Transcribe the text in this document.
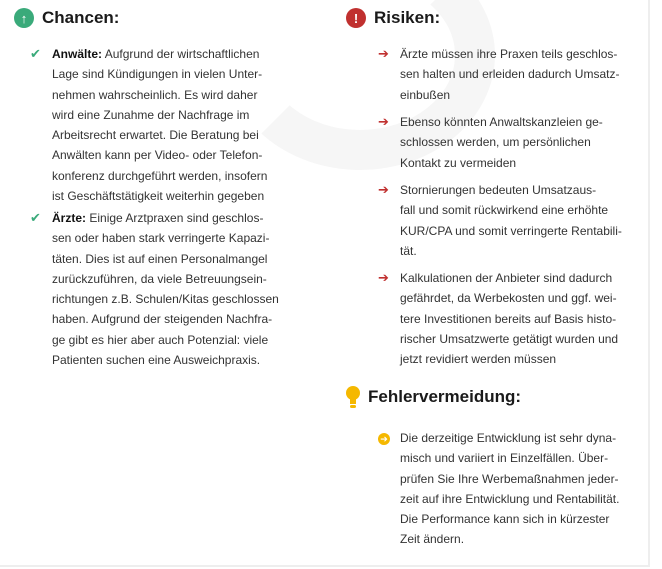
↑ Chancen:
✔ Anwälte: Aufgrund der wirtschaftlichen
Lage sind Kündigungen in vielen Unter-
nehmen wahrscheinlich. Es wird daher
wird eine Zunahme der Nachfrage im
Arbeitsrecht erwartet. Die Beratung bei
Anwälten kann per Video- oder Telefon-
konferenz durchgeführt werden, insofern
ist Geschäftstätigkeit weiterhin gegeben
✔ Ärzte: Einige Arztpraxen sind geschlos-
sen oder haben stark verringerte Kapazi-
täten. Dies ist auf einen Personalmangel
zurückzuführen, da viele Betreuungsein-
richtungen z.B. Schulen/Kitas geschlossen
haben. Aufgrund der steigenden Nachfra-
ge gibt es hier aber auch Potenzial: viele
Patienten suchen eine Ausweichpraxis.
! Risiken:
➔ Ärzte müssen ihre Praxen teils geschlos-
sen halten und erleiden dadurch Umsatz-
einbußen
➔ Ebenso könnten Anwaltskanzleien ge-
schlossen werden, um persönlichen
Kontakt zu vermeiden
➔ Stornierungen bedeuten Umsatzaus-
fall und somit rückwirkend eine erhöhte
KUR/CPA und somit verringerte Rentabili-
tät.
➔ Kalkulationen der Anbieter sind dadurch
gefährdet, da Werbekosten und ggf. wei-
tere Investitionen bereits auf Basis histo-
rischer Umsatzwerte getätigt wurden und
jetzt revidiert werden müssen
Fehlervermeidung:
➔ Die derzeitige Entwicklung ist sehr dyna-
misch und variiert in Einzelfällen. Über-
prüfen Sie Ihre Werbemaßnahmen jeder-
zeit auf ihre Entwicklung und Rentabilität.
Die Performance kann sich in kürzester
Zeit ändern.
